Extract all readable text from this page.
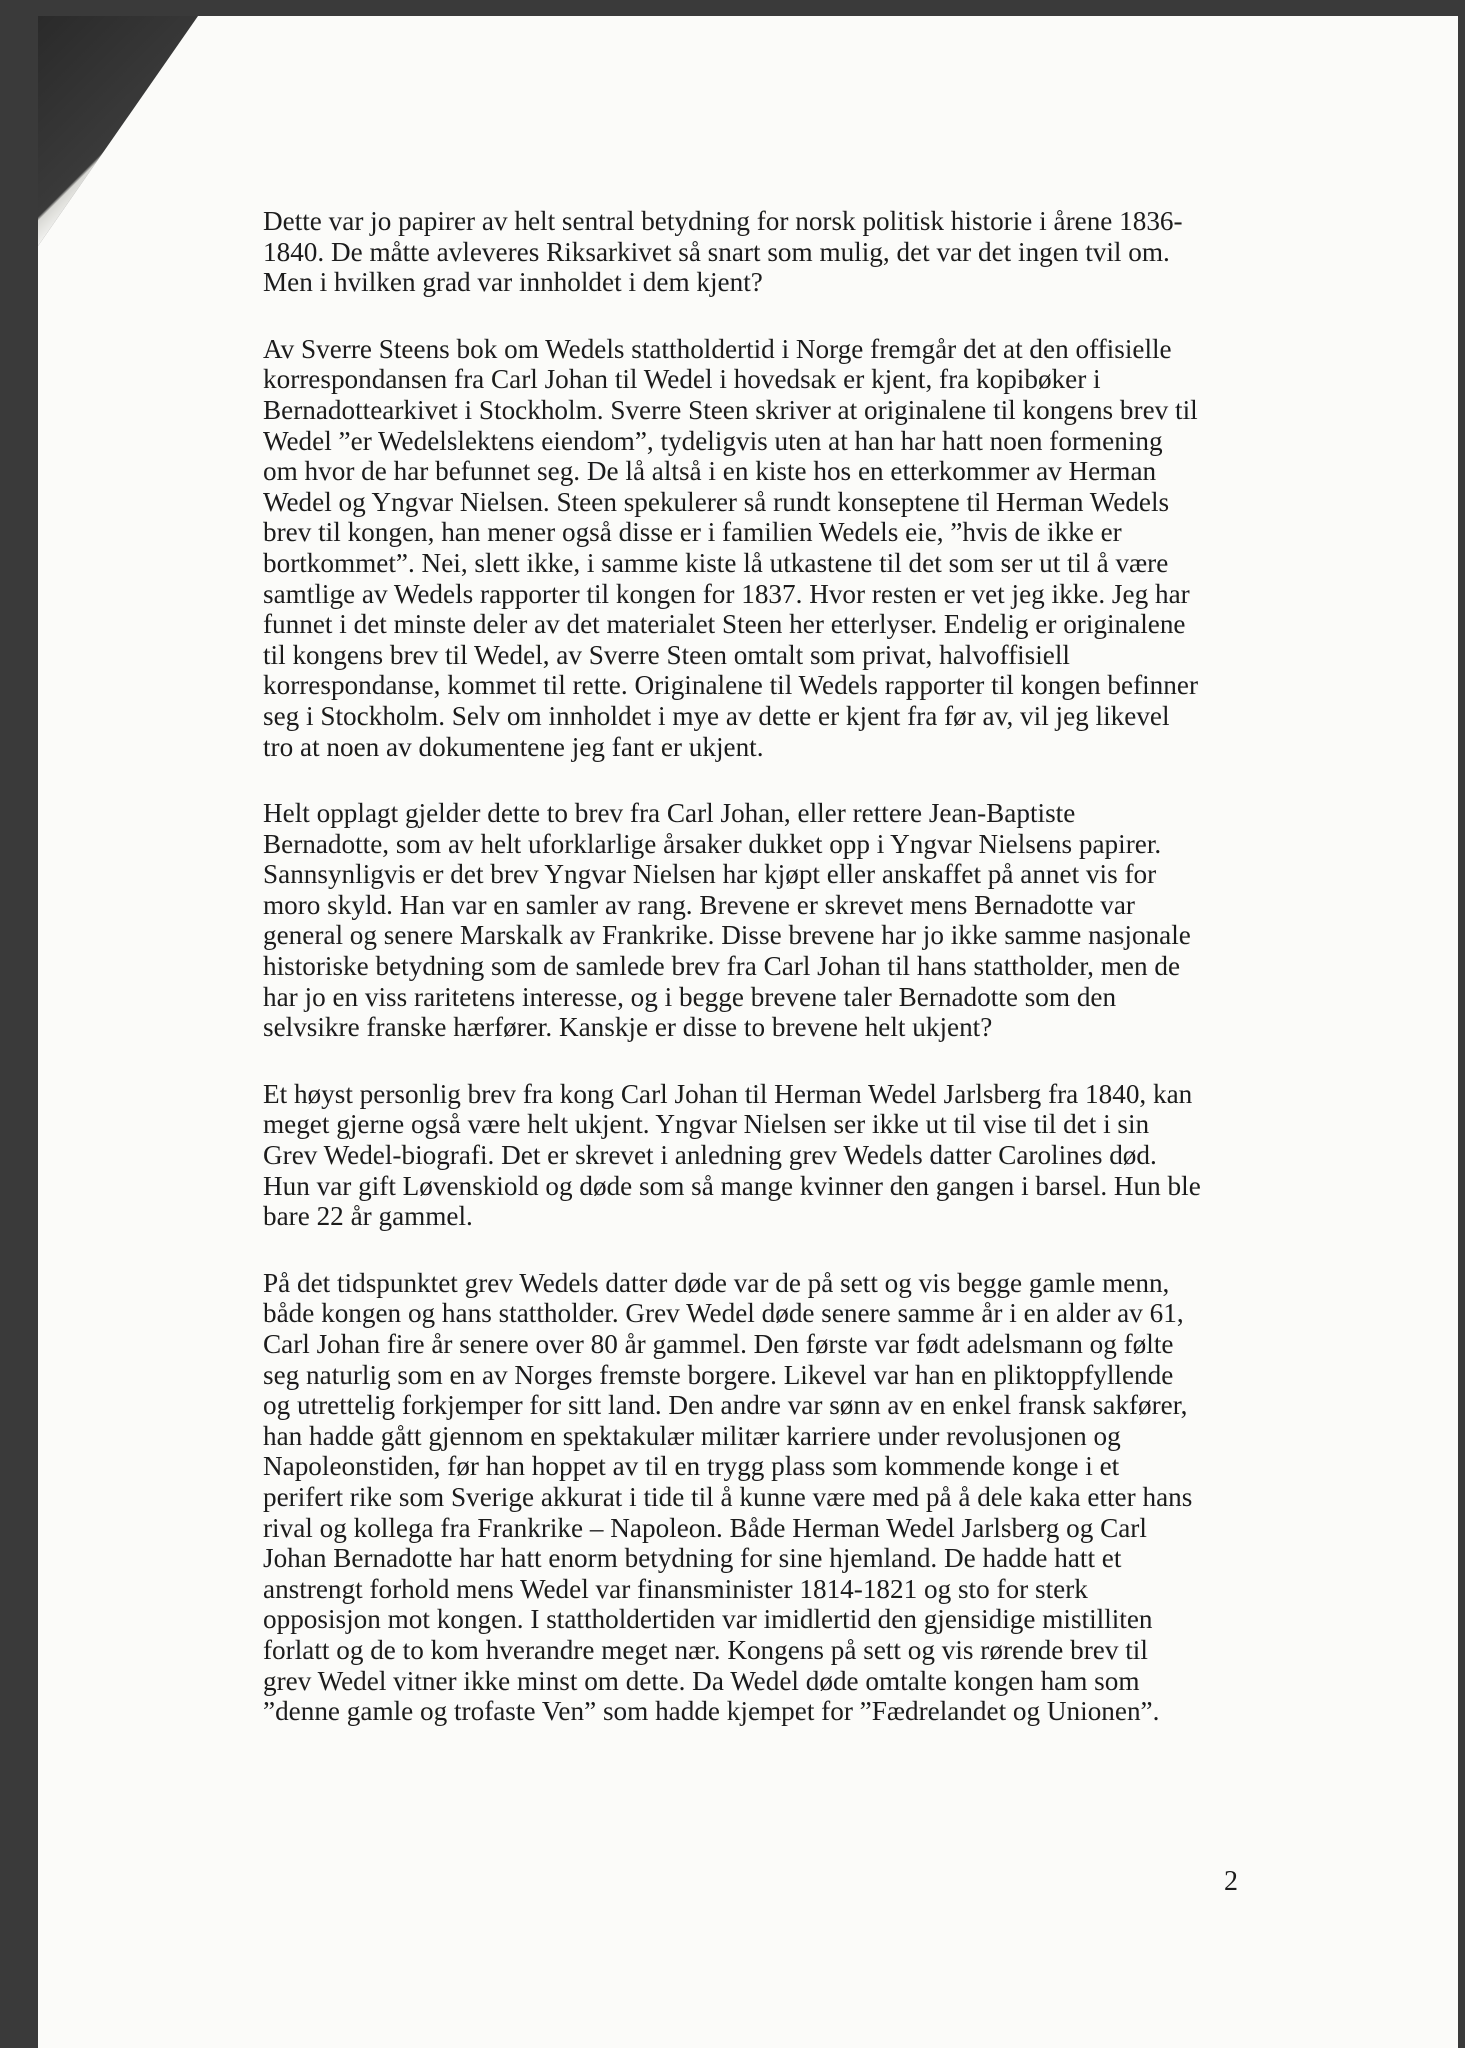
Dette var jo papirer av helt sentral betydning for norsk politisk historie i årene 1836-
1840. De måtte avleveres Riksarkivet så snart som mulig, det var det ingen tvil om.
Men i hvilken grad var innholdet i dem kjent?

Av Sverre Steens bok om Wedels stattholdertid i Norge fremgår det at den offisielle
korrespondansen fra Carl Johan til Wedel i hovedsak er kjent, fra kopibøker i
Bernadottearkivet i Stockholm. Sverre Steen skriver at originalene til kongens brev til
Wedel ”er Wedelslektens eiendom”, tydeligvis uten at han har hatt noen formening
om hvor de har befunnet seg. De lå altså i en kiste hos en etterkommer av Herman
Wedel og Yngvar Nielsen. Steen spekulerer så rundt konseptene til Herman Wedels
brev til kongen, han mener også disse er i familien Wedels eie, ”hvis de ikke er
bortkommet”. Nei, slett ikke, i samme kiste lå utkastene til det som ser ut til å være
samtlige av Wedels rapporter til kongen for 1837. Hvor resten er vet jeg ikke. Jeg har
funnet i det minste deler av det materialet Steen her etterlyser. Endelig er originalene
til kongens brev til Wedel, av Sverre Steen omtalt som privat, halvoffisiell
korrespondanse, kommet til rette. Originalene til Wedels rapporter til kongen befinner
seg i Stockholm. Selv om innholdet i mye av dette er kjent fra før av, vil jeg likevel
tro at noen av dokumentene jeg fant er ukjent.

Helt opplagt gjelder dette to brev fra Carl Johan, eller rettere Jean-Baptiste
Bernadotte, som av helt uforklarlige årsaker dukket opp i Yngvar Nielsens papirer.
Sannsynligvis er det brev Yngvar Nielsen har kjøpt eller anskaffet på annet vis for
moro skyld. Han var en samler av rang. Brevene er skrevet mens Bernadotte var
general og senere Marskalk av Frankrike. Disse brevene har jo ikke samme nasjonale
historiske betydning som de samlede brev fra Carl Johan til hans stattholder, men de
har jo en viss raritetens interesse, og i begge brevene taler Bernadotte som den
selvsikre franske hærfører. Kanskje er disse to brevene helt ukjent?

Et høyst personlig brev fra kong Carl Johan til Herman Wedel Jarlsberg fra 1840, kan
meget gjerne også være helt ukjent. Yngvar Nielsen ser ikke ut til vise til det i sin
Grev Wedel-biografi. Det er skrevet i anledning grev Wedels datter Carolines død.
Hun var gift Løvenskiold og døde som så mange kvinner den gangen i barsel. Hun ble
bare 22 år gammel.

På det tidspunktet grev Wedels datter døde var de på sett og vis begge gamle menn,
både kongen og hans stattholder. Grev Wedel døde senere samme år i en alder av 61,
Carl Johan fire år senere over 80 år gammel. Den første var født adelsmann og følte
seg naturlig som en av Norges fremste borgere. Likevel var han en pliktoppfyllende
og utrettelig forkjemper for sitt land. Den andre var sønn av en enkel fransk sakfører,
han hadde gått gjennom en spektakulær militær karriere under revolusjonen og
Napoleonstiden, før han hoppet av til en trygg plass som kommende konge i et
perifert rike som Sverige akkurat i tide til å kunne være med på å dele kaka etter hans
rival og kollega fra Frankrike – Napoleon. Både Herman Wedel Jarlsberg og Carl
Johan Bernadotte har hatt enorm betydning for sine hjemland. De hadde hatt et
anstrengt forhold mens Wedel var finansminister 1814-1821 og sto for sterk
opposisjon mot kongen. I stattholdertiden var imidlertid den gjensidige mistilliten
forlatt og de to kom hverandre meget nær. Kongens på sett og vis rørende brev til
grev Wedel vitner ikke minst om dette. Da Wedel døde omtalte kongen ham som
”denne gamle og trofaste Ven” som hadde kjempet for ”Fædrelandet og Unionen”.

2
